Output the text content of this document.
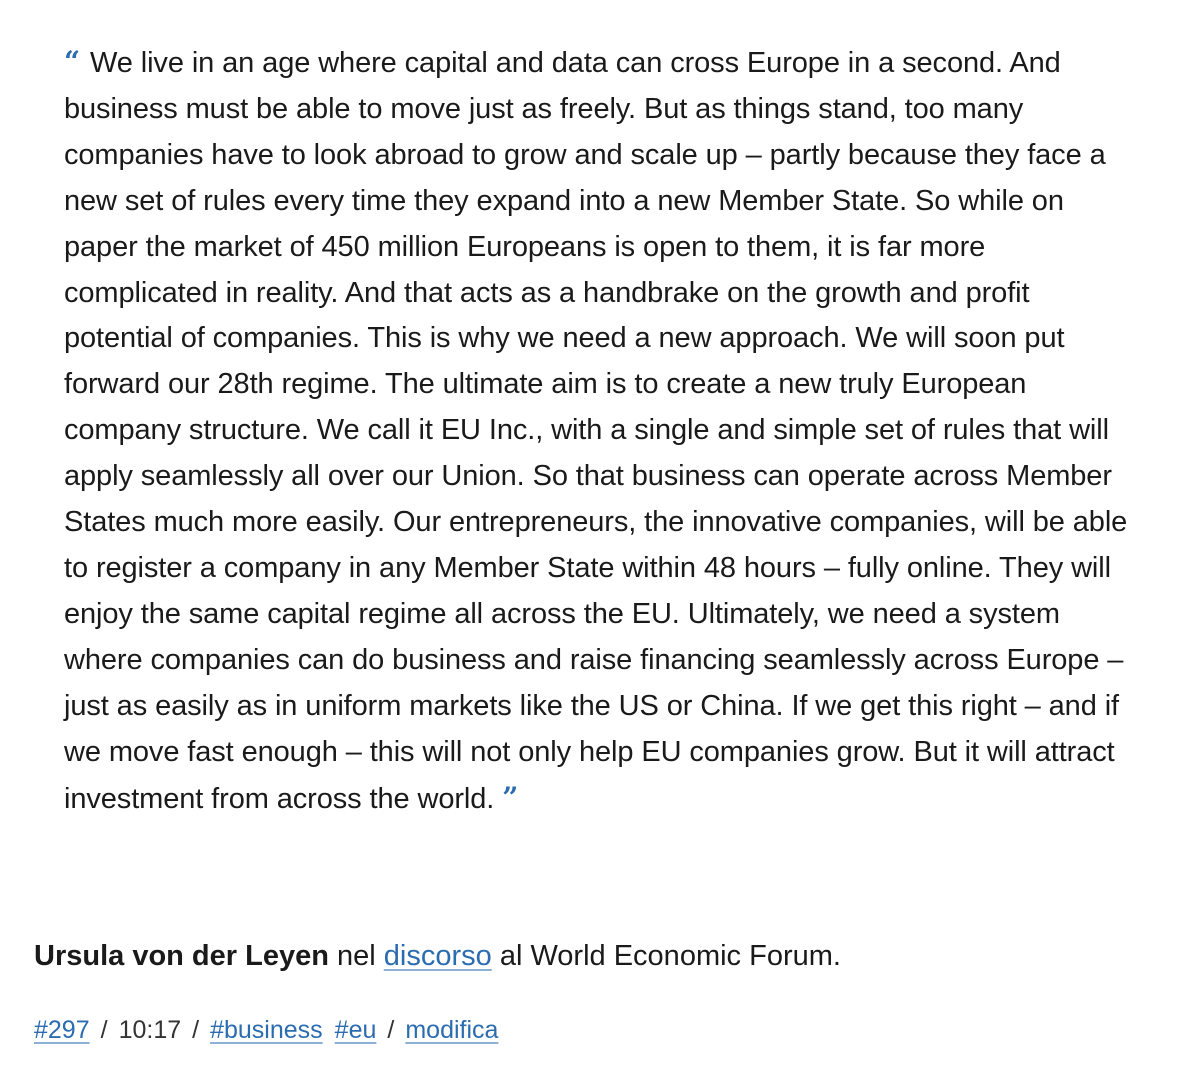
“ We live in an age where capital and data can cross Europe in a second. And business must be able to move just as freely. But as things stand, too many companies have to look abroad to grow and scale up – partly because they face a new set of rules every time they expand into a new Member State. So while on paper the market of 450 million Europeans is open to them, it is far more complicated in reality. And that acts as a handbrake on the growth and profit potential of companies. This is why we need a new approach. We will soon put forward our 28th regime. The ultimate aim is to create a new truly European company structure. We call it EU Inc., with a single and simple set of rules that will apply seamlessly all over our Union. So that business can operate across Member States much more easily. Our entrepreneurs, the innovative companies, will be able to register a company in any Member State within 48 hours – fully online. They will enjoy the same capital regime all across the EU. Ultimately, we need a system where companies can do business and raise financing seamlessly across Europe – just as easily as in uniform markets like the US or China. If we get this right – and if we move fast enough – this will not only help EU companies grow. But it will attract investment from across the world. ”

Ursula von der Leyen nel discorso al World Economic Forum.

#297 / 10:17 / #business #eu / modifica
